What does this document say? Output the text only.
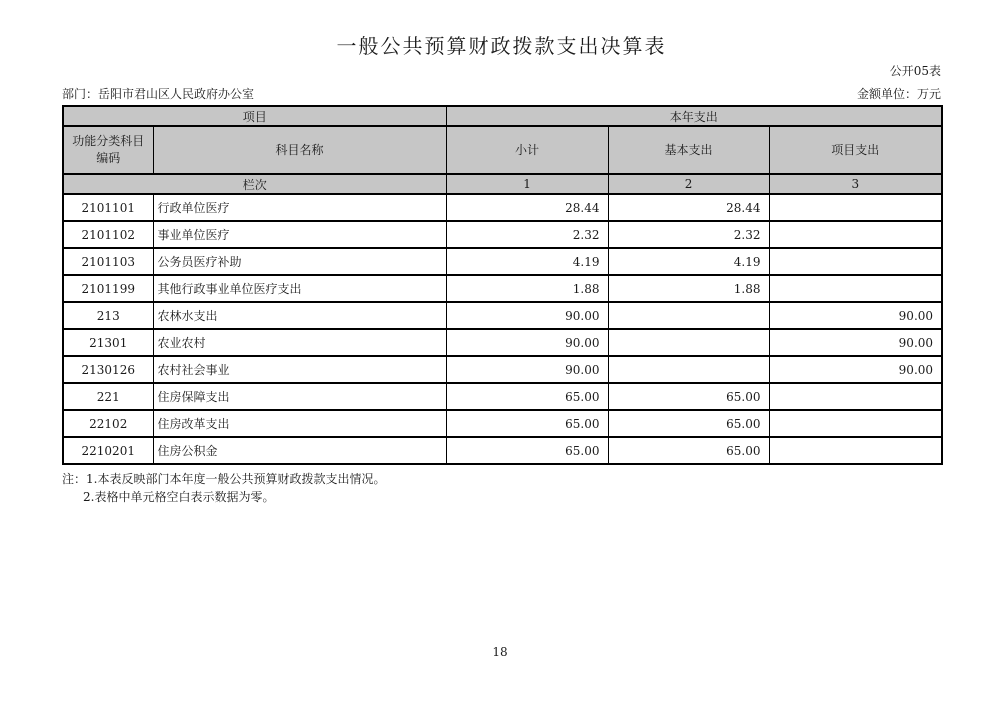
一般公共预算财政拨款支出决算表
公开05表
部门：岳阳市君山区人民政府办公室	金额单位：万元
项目		本年支出		
功能分类科目
编码	科目名称	小计	基本支出	项目支出
栏次		1	2	3
2101101	行政单位医疗	28.44	28.44	
2101102	事业单位医疗	2.32	2.32	
2101103	公务员医疗补助	4.19	4.19	
2101199	其他行政事业单位医疗支出	1.88	1.88	
213	农林水支出	90.00		90.00
21301	农业农村	90.00		90.00
2130126	农村社会事业	90.00		90.00
221	住房保障支出	65.00	65.00	
22102	住房改革支出	65.00	65.00	
2210201	住房公积金	65.00	65.00	
注：1.本表反映部门本年度一般公共预算财政拨款支出情况。
2.表格中单元格空白表示数据为零。
18
